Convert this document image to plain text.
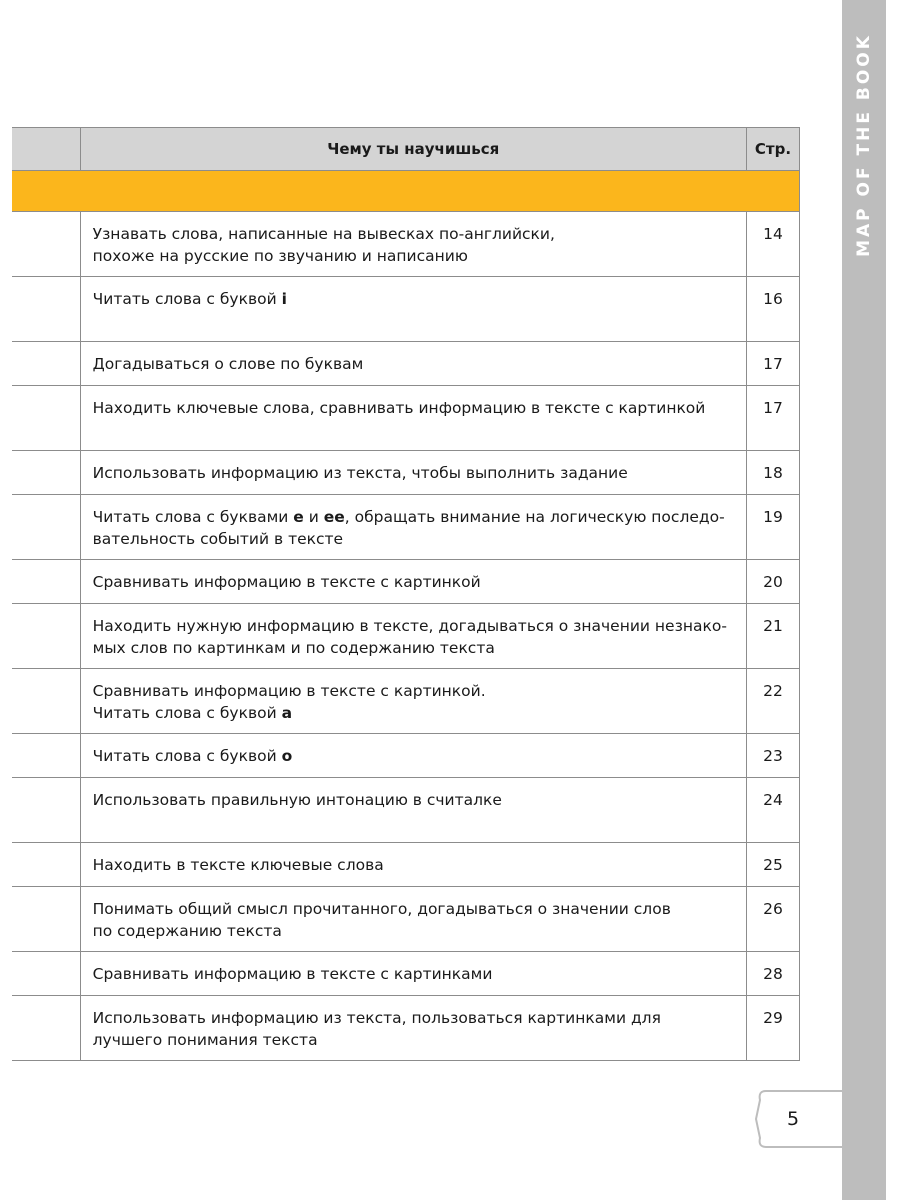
MAP OF THE BOOK
	Чему ты научишься	Стр.

	Узнавать слова, написанные на вывесках по-английски,
похоже на русские по звучанию и написанию	14
	Читать слова с буквой i	16
	Догадываться о слове по буквам	17
	Находить ключевые слова, сравнивать информацию в тексте с картинкой	17
	Использовать информацию из текста, чтобы выполнить задание	18
	Читать слова с буквами e и ee, обращать внимание на логическую последо-
вательность событий в тексте	19
	Сравнивать информацию в тексте с картинкой	20
	Находить нужную информацию в тексте, догадываться о значении незнако-
мых слов по картинкам и по содержанию текста	21
	Сравнивать информацию в тексте с картинкой.
Читать слова с буквой a	22
	Читать слова с буквой o	23
	Использовать правильную интонацию в считалке	24
	Находить в тексте ключевые слова	25
	Понимать общий смысл прочитанного, догадываться о значении слов
по содержанию текста	26
	Сравнивать информацию в тексте с картинками	28
	Использовать информацию из текста, пользоваться картинками для
лучшего понимания текста	29
5
